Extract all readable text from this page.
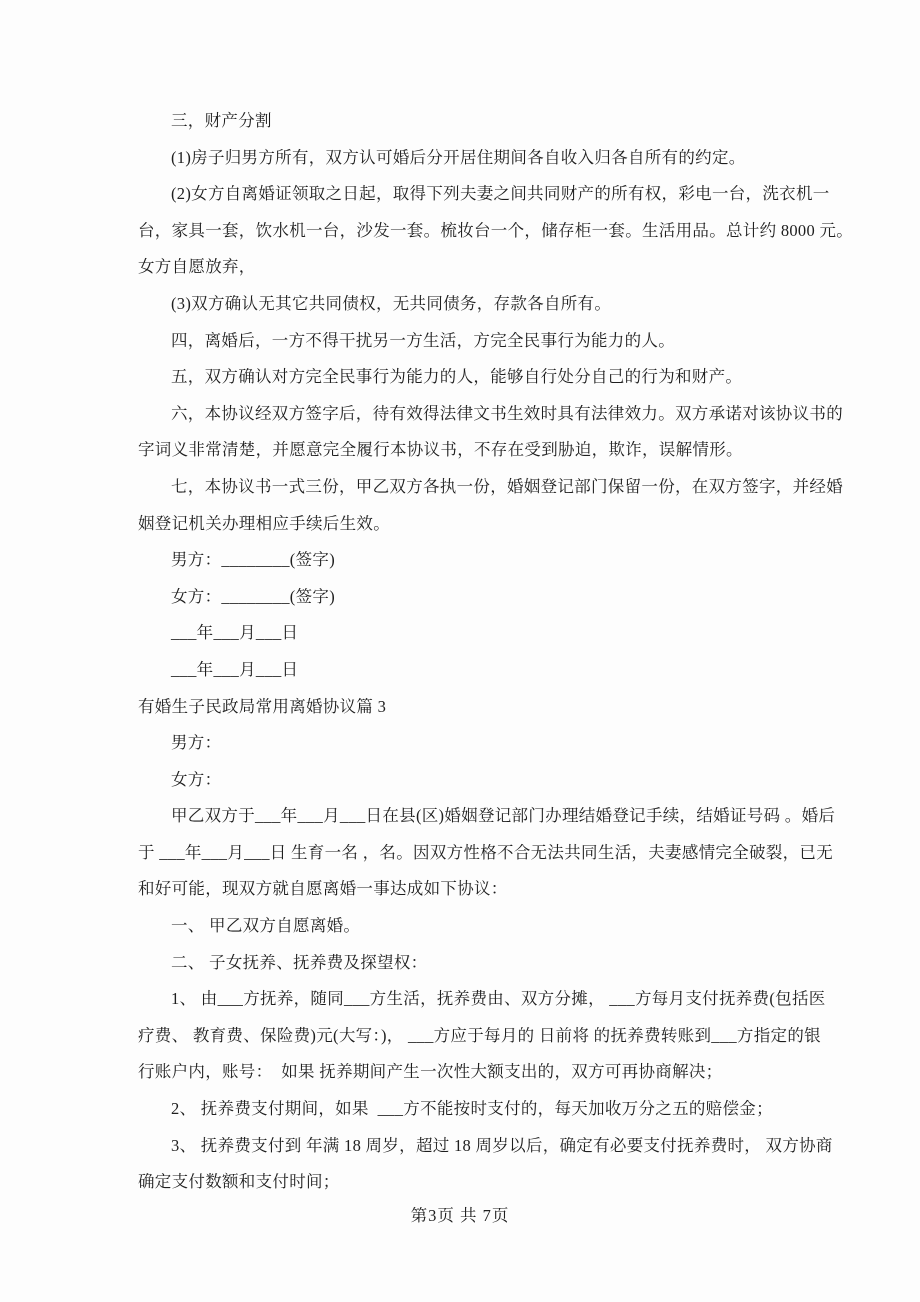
三，财产分割
(1)房子归男方所有，双方认可婚后分开居住期间各自收入归各自所有的约定。
(2)女方自离婚证领取之日起，取得下列夫妻之间共同财产的所有权，彩电一台，洗衣机一
台，家具一套，饮水机一台，沙发一套。梳妆台一个，储存柜一套。生活用品。总计约 8000 元。
女方自愿放弃，
(3)双方确认无其它共同债权，无共同债务，存款各自所有。
四，离婚后，一方不得干扰另一方生活，方完全民事行为能力的人。
五，双方确认对方完全民事行为能力的人，能够自行处分自己的行为和财产。
六，本协议经双方签字后，待有效得法律文书生效时具有法律效力。双方承诺对该协议书的
字词义非常清楚，并愿意完全履行本协议书，不存在受到胁迫，欺诈，误解情形。
七，本协议书一式三份，甲乙双方各执一份，婚姻登记部门保留一份，在双方签字，并经婚
姻登记机关办理相应手续后生效。
男方：________(签字)
女方：________(签字)
___年___月___日
___年___月___日
有婚生子民政局常用离婚协议篇 3
男方：
女方：
甲乙双方于___年___月___日在县(区)婚姻登记部门办理结婚登记手续，结婚证号码 。婚后
于 ___年___月___日 生育一名 ，名。因双方性格不合无法共同生活，夫妻感情完全破裂，已无
和好可能，现双方就自愿离婚一事达成如下协议：
一、 甲乙双方自愿离婚。
二、 子女抚养、抚养费及探望权：
1、 由___方抚养，随同___方生活，抚养费由、双方分摊， ___方每月支付抚养费(包括医
疗费、 教育费、保险费)元(大写：)， ___方应于每月的 日前将 的抚养费转账到___方指定的银
行账户内，账号：  如果 抚养期间产生一次性大额支出的，双方可再协商解决；
2、 抚养费支付期间，如果  ___方不能按时支付的，每天加收万分之五的赔偿金；
3、 抚养费支付到 年满 18 周岁，超过 18 周岁以后，确定有必要支付抚养费时， 双方协商
确定支付数额和支付时间；
第3页 共 7页
